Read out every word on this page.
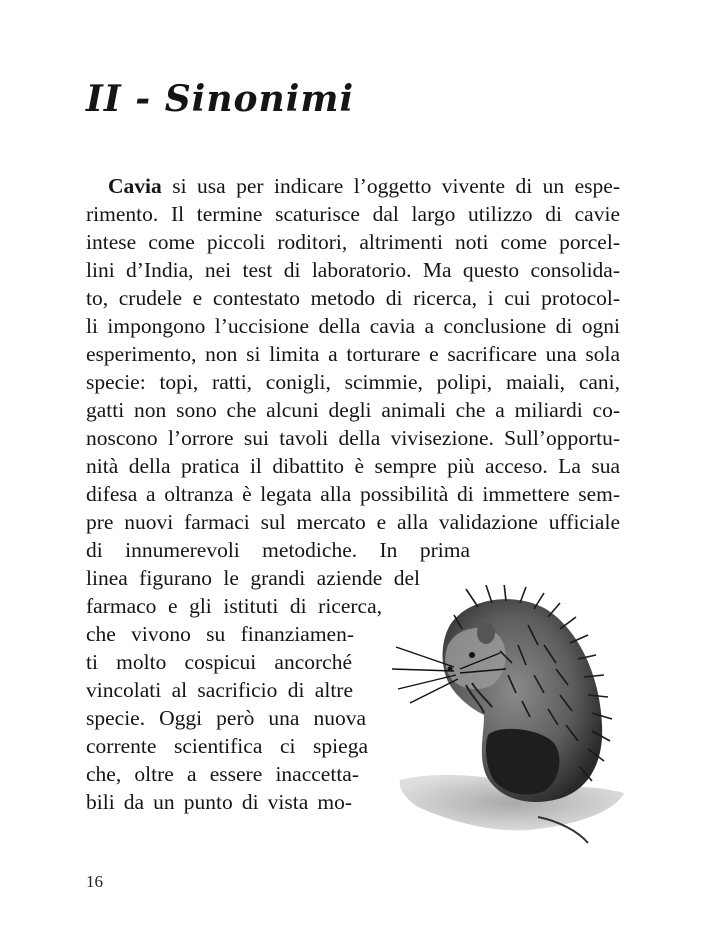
II - Sinonimi
Cavia si usa per indicare l’oggetto vivente di un espe-
rimento. Il termine scaturisce dal largo utilizzo di cavie
intese come piccoli roditori, altrimenti noti come porcel-
lini d’India, nei test di laboratorio. Ma questo consolida-
to, crudele e contestato metodo di ricerca, i cui protocol-
li impongono l’uccisione della cavia a conclusione di ogni
esperimento, non si limita a torturare e sacrificare una sola
specie: topi, ratti, conigli, scimmie, polipi, maiali, cani,
gatti non sono che alcuni degli animali che a miliardi co-
noscono l’orrore sui tavoli della vivisezione. Sull’opportu-
nità della pratica il dibattito è sempre più acceso. La sua
difesa a oltranza è legata alla possibilità di immettere sem-
pre nuovi farmaci sul mercato e alla validazione ufficiale
di innumerevoli metodiche. In prima
linea figurano le grandi aziende del
farmaco e gli istituti di ricerca,
che vivono su finanziamen-
ti molto cospicui ancorché
vincolati al sacrificio di altre
specie. Oggi però una nuova
corrente scientifica ci spiega
che, oltre a essere inaccetta-
bili da un punto di vista mo-
16
